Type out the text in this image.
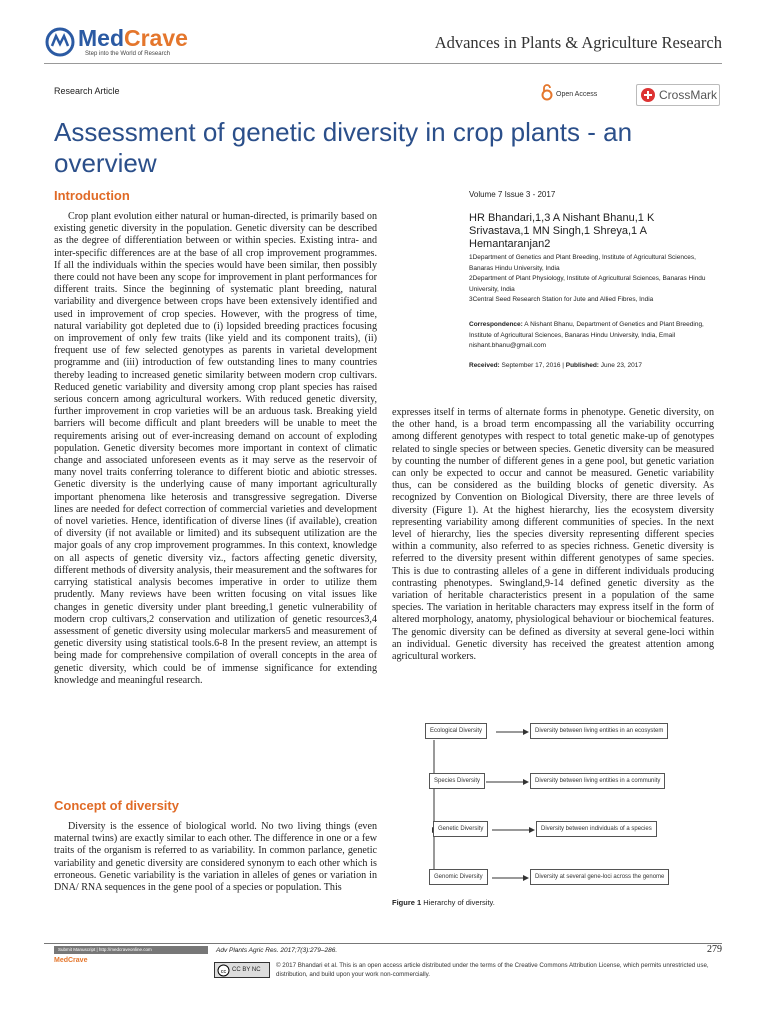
MedCrave
Step into the World of Research
Advances in Plants & Agriculture Research
Research Article	Open Access	CrossMark
Assessment of genetic diversity in crop plants - an overview
Introduction

Crop plant evolution either natural or human-directed, is primarily based on existing genetic diversity in the population. Genetic diversity can be described as the degree of differentiation between or within species. Existing intra- and inter-specific differences are at the base of all crop improvement programmes. If all the individuals within the species would have been similar, then possibly there could not have been any scope for improvement in plant performances for different traits. Since the beginning of systematic plant breeding, natural variability and divergence between crops have been extensively identified and used in improvement of crop species. However, with the progress of time, natural variability got depleted due to (i) lopsided breeding practices focusing on improvement of only few traits (like yield and its component traits), (ii) frequent use of few selected genotypes as parents in varietal development programme and (iii) introduction of few outstanding lines to many countries thereby leading to increased genetic similarity between modern crop cultivars. Reduced genetic variability and diversity among crop plant species has raised serious concern among agricultural workers. With reduced genetic diversity, further improvement in crop varieties will be an arduous task. Breaking yield barriers will become difficult and plant breeders will be unable to meet the requirements arising out of ever-increasing demand on account of exploding population. Genetic diversity becomes more important in context of climatic change and associated unforeseen events as it may serve as the reservoir of many novel traits conferring tolerance to different biotic and abiotic stresses. Genetic diversity is the underlying cause of many important agriculturally important phenomena like heterosis and transgressive segregation. Diverse lines are needed for defect correction of commercial varieties and development of novel varieties. Hence, identification of diverse lines (if available), creation of diversity (if not available or limited) and its subsequent utilization are the major goals of any crop improvement programmes. In this context, knowledge on all aspects of genetic diversity viz., factors affecting genetic diversity, different methods of diversity analysis, their measurement and the softwares for carrying statistical analysis becomes imperative in order to utilize them prudently. Many reviews have been written focusing on vital issues like changes in genetic diversity under plant breeding,1 genetic vulnerability of modern crop cultivars,2 conservation and utilization of genetic resources3,4 assessment of genetic diversity using molecular markers5 and measurement of genetic diversity using statistical tools.6-8 In the present review, an attempt is being made for comprehensive compilation of overall concepts in the area of genetic diversity, which could be of immense significance for extending knowledge and meaningful research.

Concept of diversity

Diversity is the essence of biological world. No two living things (even maternal twins) are exactly similar to each other. The difference in one or a few traits of the organism is referred to as variability. In common parlance, genetic variability and genetic diversity are considered synonym to each other which is erroneous. Genetic variability is the variation in alleles of genes or variation in DNA/ RNA sequences in the gene pool of a species or population. This

Volume 7 Issue 3 - 2017
HR Bhandari,1,3 A Nishant Bhanu,1 K Srivastava,1 MN Singh,1 Shreya,1 A Hemantaranjan2
1Department of Genetics and Plant Breeding, Institute of Agricultural Sciences, Banaras Hindu University, India
2Department of Plant Physiology, Institute of Agricultural Sciences, Banaras Hindu University, India
3Central Seed Research Station for Jute and Allied Fibres, India
Correspondence: A Nishant Bhanu, Department of Genetics and Plant Breeding, Institute of Agricultural Sciences, Banaras Hindu University, India, Email nishant.bhanu@gmail.com
Received: September 17, 2016 | Published: June 23, 2017

expresses itself in terms of alternate forms in phenotype. Genetic diversity, on the other hand, is a broad term encompassing all the variability occurring among different genotypes with respect to total genetic make-up of genotypes related to single species or between species. Genetic diversity can be measured by counting the number of different genes in a gene pool, but genetic variation can only be expected to occur and cannot be measured. Genetic variability thus, can be considered as the building blocks of genetic diversity. As recognized by Convention on Biological Diversity, there are three levels of diversity (Figure 1). At the highest hierarchy, lies the ecosystem diversity representing variability among different communities of species. In the next level of hierarchy, lies the species diversity representing different species within a community, also referred to as species richness. Genetic diversity is referred to the diversity present within different genotypes of same species. This is due to contrasting alleles of a gene in different individuals producing contrasting phenotypes. Swingland,9-14 defined genetic diversity as the variation of heritable characteristics present in a population of the same species. The variation in heritable characters may express itself in the form of altered morphology, anatomy, physiological behaviour or biochemical features. The genomic diversity can be defined as diversity at several gene-loci within an individual. Genetic diversity has received the greatest attention among agricultural workers.

Ecological Diversity
Species Diversity
Genetic Diversity
Genomic Diversity
Diversity between living entities in an ecosystem
Diversity between living entities in a community
Diversity between individuals of a species
Diversity at several gene-loci across the genome
Figure 1 Hierarchy of diversity.
Submit Manuscript | http://medcraveonline.com
MedCrave
Adv Plants Agric Res. 2017;7(3):279–286.	279
cc CC BY NC
© 2017 Bhandari et al. This is an open access article distributed under the terms of the Creative Commons Attribution License, which permits unrestricted use, distribution, and build upon your work non-commercially.
